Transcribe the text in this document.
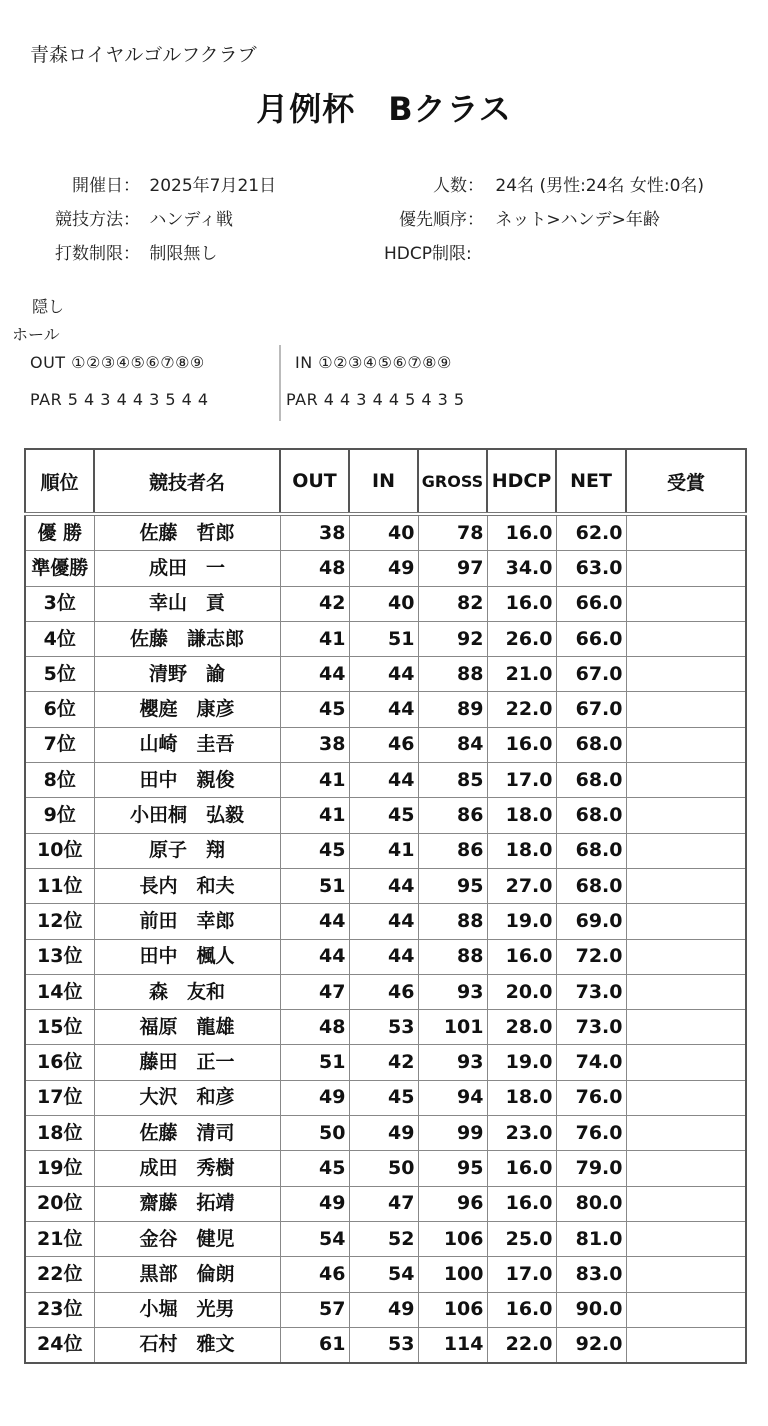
青森ロイヤルゴルフクラブ
月例杯　Bクラス
開催日： 2025年7月21日
競技方法： ハンディ戦
打数制限： 制限無し
人数： 24名 (男性:24名 女性:0名)
優先順序： ネット>ハンデ>年齢
HDCP制限:
隠し
ホール
OUT ①②③④⑤⑥⑦⑧⑨	IN ①②③④⑤⑥⑦⑧⑨
PAR 5 4 3 4 4 3 5 4 4	PAR 4 4 3 4 4 5 4 3 5
順位	競技者名	OUT	IN	GROSS	HDCP	NET	受賞
優 勝	佐藤　哲郎	38	40	78	16.0	62.0	
準優勝	成田　一	48	49	97	34.0	63.0	
3位	幸山　貢	42	40	82	16.0	66.0	
4位	佐藤　謙志郎	41	51	92	26.0	66.0	
5位	清野　諭	44	44	88	21.0	67.0	
6位	櫻庭　康彦	45	44	89	22.0	67.0	
7位	山崎　圭吾	38	46	84	16.0	68.0	
8位	田中　親俊	41	44	85	17.0	68.0	
9位	小田桐　弘毅	41	45	86	18.0	68.0	
10位	原子　翔	45	41	86	18.0	68.0	
11位	長内　和夫	51	44	95	27.0	68.0	
12位	前田　幸郎	44	44	88	19.0	69.0	
13位	田中　楓人	44	44	88	16.0	72.0	
14位	森　友和	47	46	93	20.0	73.0	
15位	福原　龍雄	48	53	101	28.0	73.0	
16位	藤田　正一	51	42	93	19.0	74.0	
17位	大沢　和彦	49	45	94	18.0	76.0	
18位	佐藤　清司	50	49	99	23.0	76.0	
19位	成田　秀樹	45	50	95	16.0	79.0	
20位	齋藤　拓靖	49	47	96	16.0	80.0	
21位	金谷　健児	54	52	106	25.0	81.0	
22位	黒部　倫朗	46	54	100	17.0	83.0	
23位	小堀　光男	57	49	106	16.0	90.0	
24位	石村　雅文	61	53	114	22.0	92.0	
